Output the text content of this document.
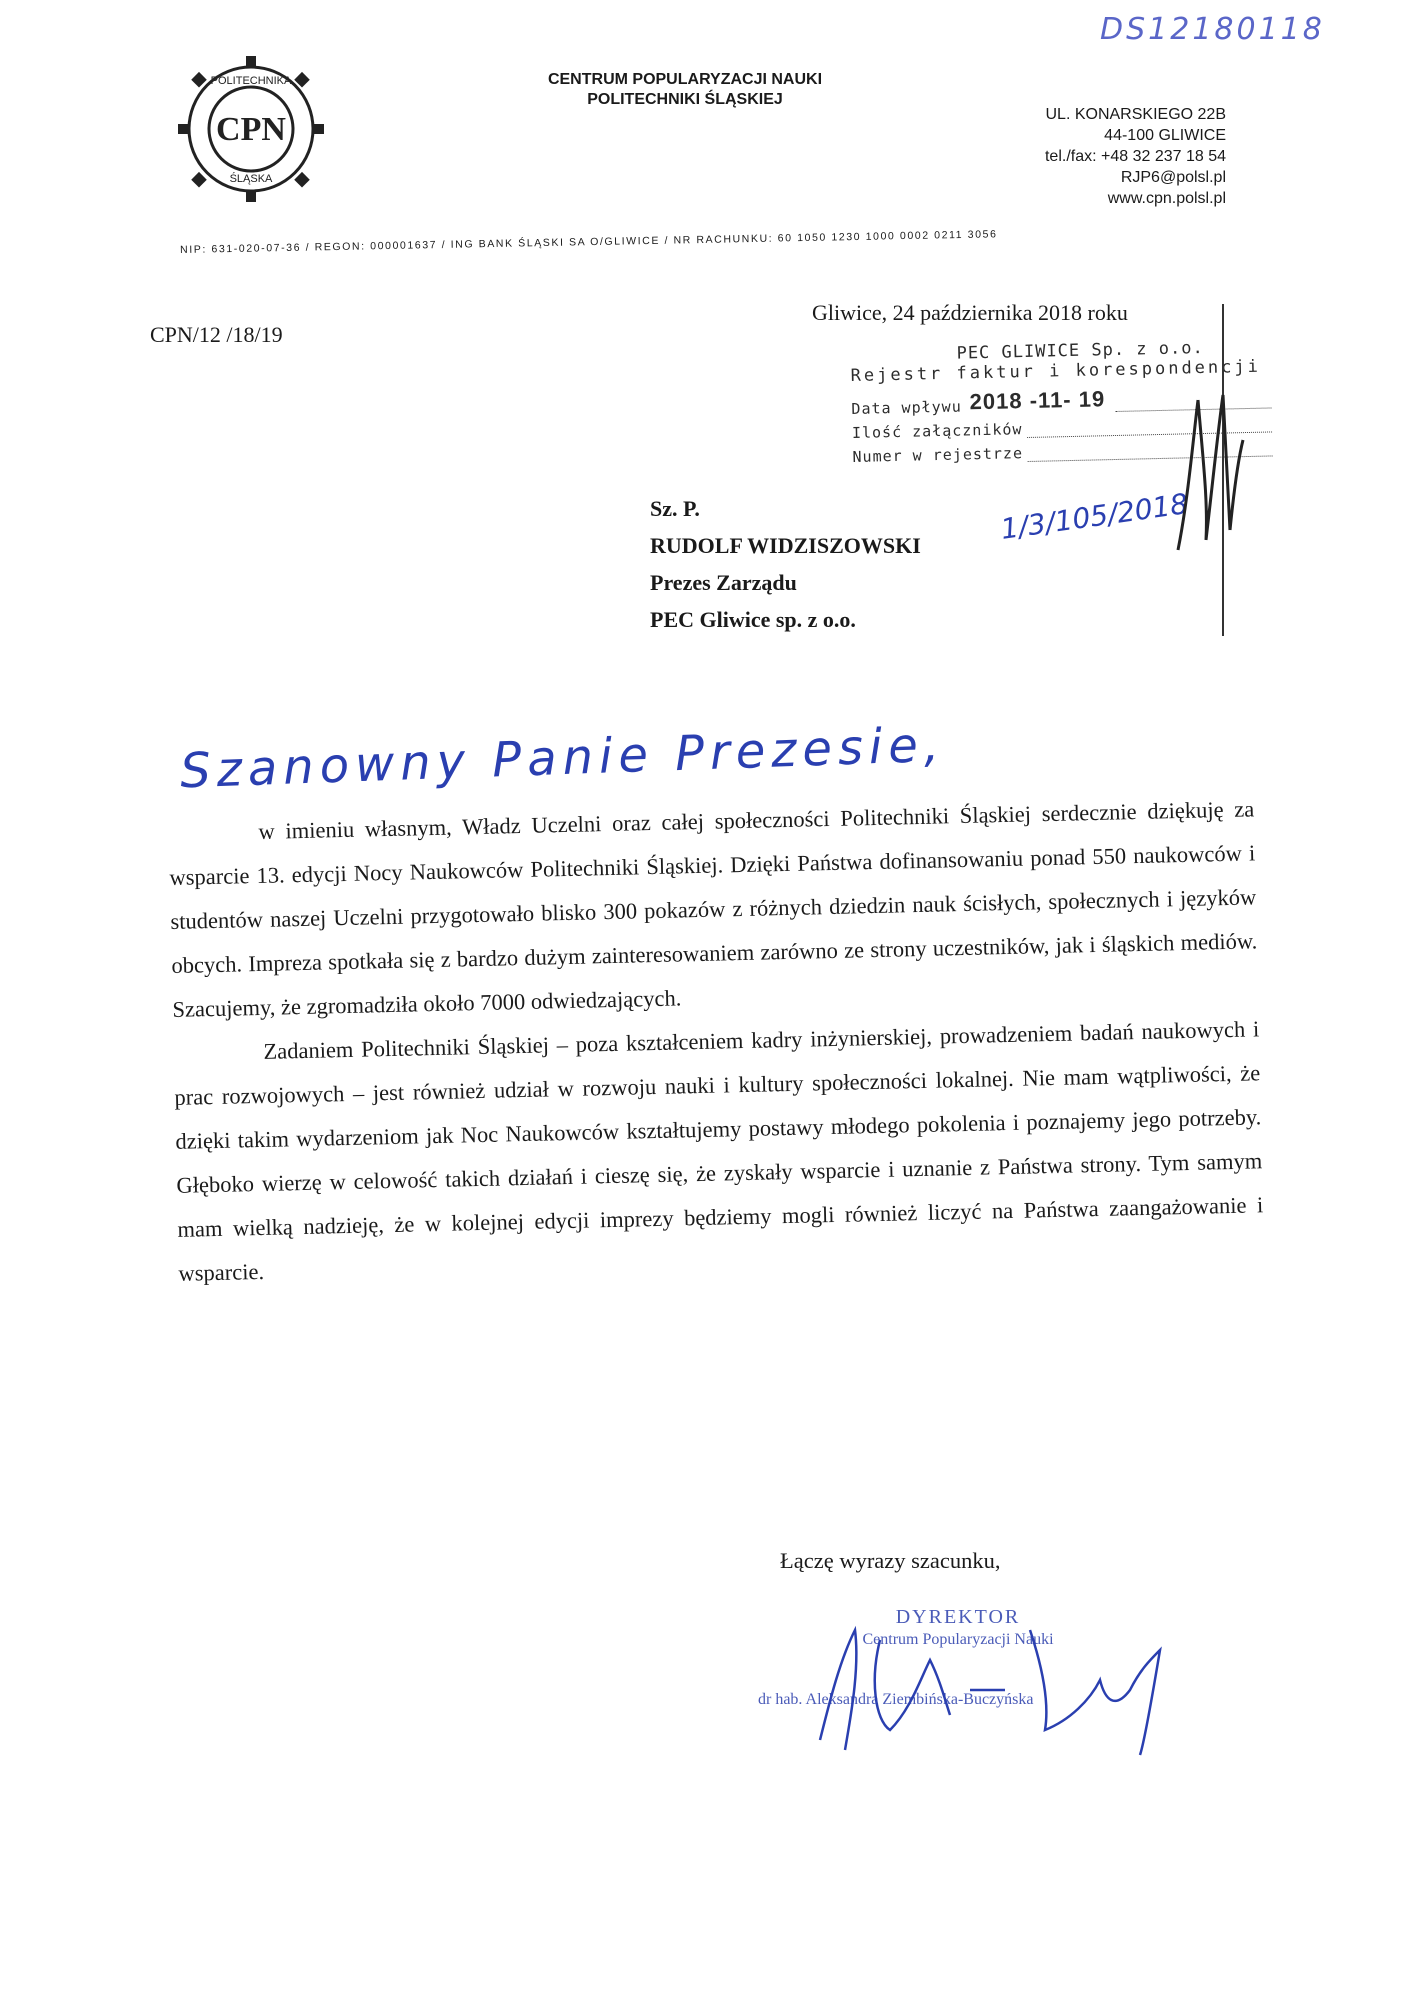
CPN
POLITECHNIKA
ŚLĄSKA
CENTRUM POPULARYZACJI NAUKI
POLITECHNIKI ŚLĄSKIEJ
UL. KONARSKIEGO 22B
44-100 GLIWICE
tel./fax: +48 32 237 18 54
RJP6@polsl.pl
www.cpn.polsl.pl
NIP: 631-020-07-36 / REGON: 000001637 / ING BANK ŚLĄSKI SA O/GLIWICE / NR RACHUNKU: 60 1050 1230 1000 0002 0211 3056
DS12180118
CPN/12 /18/19
Gliwice, 24 października 2018 roku
PEC GLIWICE Sp. z o.o.
Rejestr faktur i korespondencji
Data wpływu 2018 -11- 19
Ilość załączników
Numer w rejestrze
1/3/105/2018
Sz. P.
RUDOLF WIDZISZOWSKI
Prezes Zarządu
PEC Gliwice sp. z o.o.
Szanowny Panie Prezesie,

w imieniu własnym, Władz Uczelni oraz całej społeczności Politechniki Śląskiej serdecznie dziękuję za wsparcie 13. edycji Nocy Naukowców Politechniki Śląskiej. Dzięki Państwa dofinansowaniu ponad 550 naukowców i studentów naszej Uczelni przygotowało blisko 300 pokazów z różnych dziedzin nauk ścisłych, społecznych i języków obcych. Impreza spotkała się z bardzo dużym zainteresowaniem zarówno ze strony uczestników, jak i śląskich mediów. Szacujemy, że zgromadziła około 7000 odwiedzających.

Zadaniem Politechniki Śląskiej – poza kształceniem kadry inżynierskiej, prowadzeniem badań naukowych i prac rozwojowych – jest również udział w rozwoju nauki i kultury społeczności lokalnej. Nie mam wątpliwości, że dzięki takim wydarzeniom jak Noc Naukowców kształtujemy postawy młodego pokolenia i poznajemy jego potrzeby. Głęboko wierzę w celowość takich działań i cieszę się, że zyskały wsparcie i uznanie z Państwa strony. Tym samym mam wielką nadzieję, że w kolejnej edycji imprezy będziemy mogli również liczyć na Państwa zaangażowanie i wsparcie.

Łączę wyrazy szacunku,
DYREKTOR
Centrum Popularyzacji Nauki
dr hab. Aleksandra Ziembińska-Buczyńska
